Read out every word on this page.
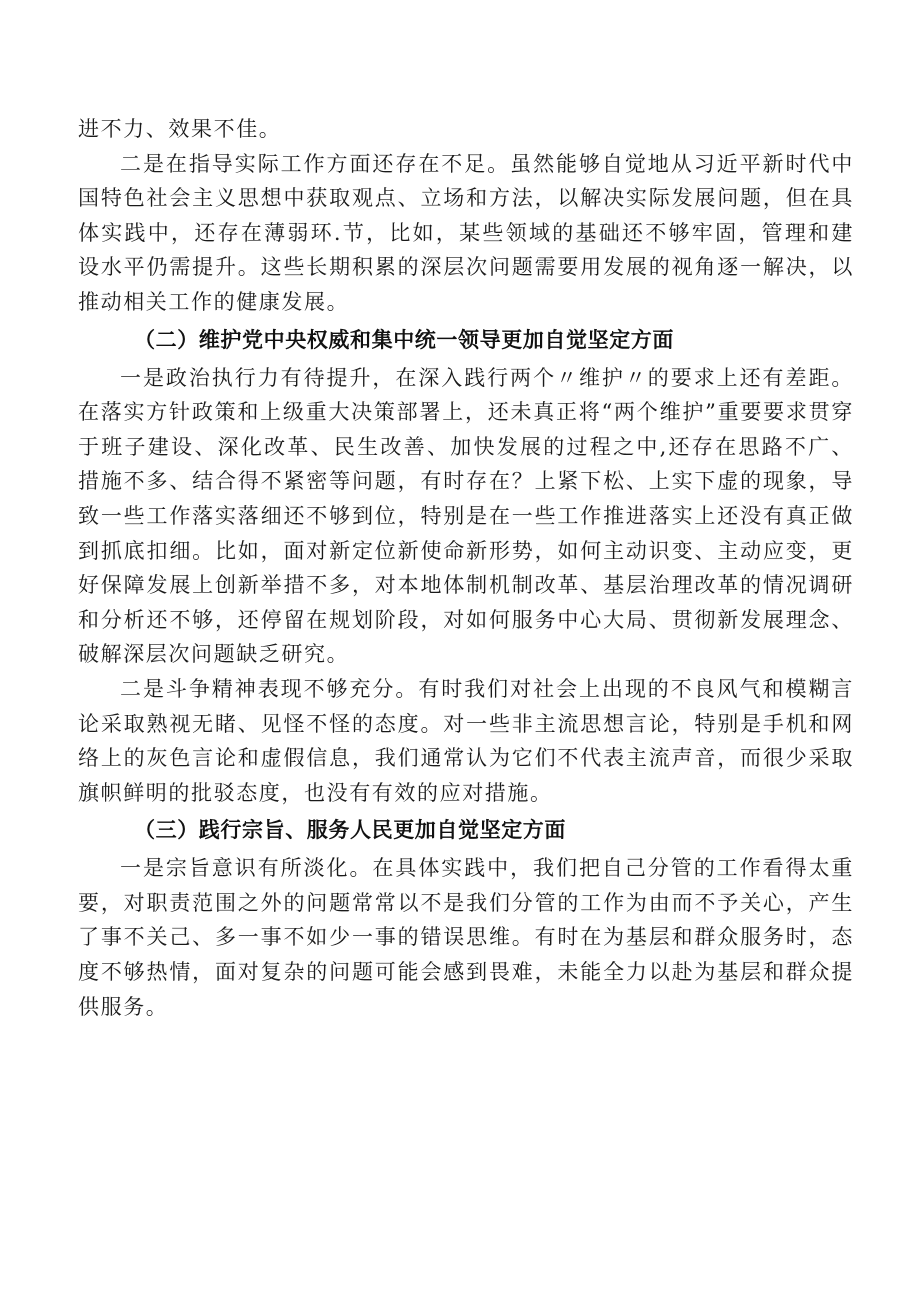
进不力、效果不佳。

二是在指导实际工作方面还存在不足。虽然能够自觉地从习近平新时代中国特色社会主义思想中获取观点、立场和方法，以解决实际发展问题，但在具体实践中，还存在薄弱环.节，比如，某些领域的基础还不够牢固，管理和建设水平仍需提升。这些长期积累的深层次问题需要用发展的视角逐一解决，以推动相关工作的健康发展。

（二）维护党中央权威和集中统一领导更加自觉坚定方面

一是政治执行力有待提升，在深入践行两个〃维护〃的要求上还有差距。在落实方针政策和上级重大决策部署上，还未真正将“两个维护”重要要求贯穿于班子建设、深化改革、民生改善、加快发展的过程之中,还存在思路不广、措施不多、结合得不紧密等问题，有时存在？上紧下松、上实下虚的现象，导致一些工作落实落细还不够到位，特别是在一些工作推进落实上还没有真正做到抓底扣细。比如，面对新定位新使命新形势，如何主动识变、主动应变，更好保障发展上创新举措不多，对本地体制机制改革、基层治理改革的情况调研和分析还不够，还停留在规划阶段，对如何服务中心大局、贯彻新发展理念、破解深层次问题缺乏研究。

二是斗争精神表现不够充分。有时我们对社会上出现的不良风气和模糊言论采取熟视无睹、见怪不怪的态度。对一些非主流思想言论，特别是手机和网络上的灰色言论和虚假信息，我们通常认为它们不代表主流声音，而很少采取旗帜鲜明的批驳态度，也没有有效的应对措施。

（三）践行宗旨、服务人民更加自觉坚定方面

一是宗旨意识有所淡化。在具体实践中，我们把自己分管的工作看得太重要，对职责范围之外的问题常常以不是我们分管的工作为由而不予关心，产生了事不关己、多一事不如少一事的错误思维。有时在为基层和群众服务时，态度不够热情，面对复杂的问题可能会感到畏难，未能全力以赴为基层和群众提供服务。
